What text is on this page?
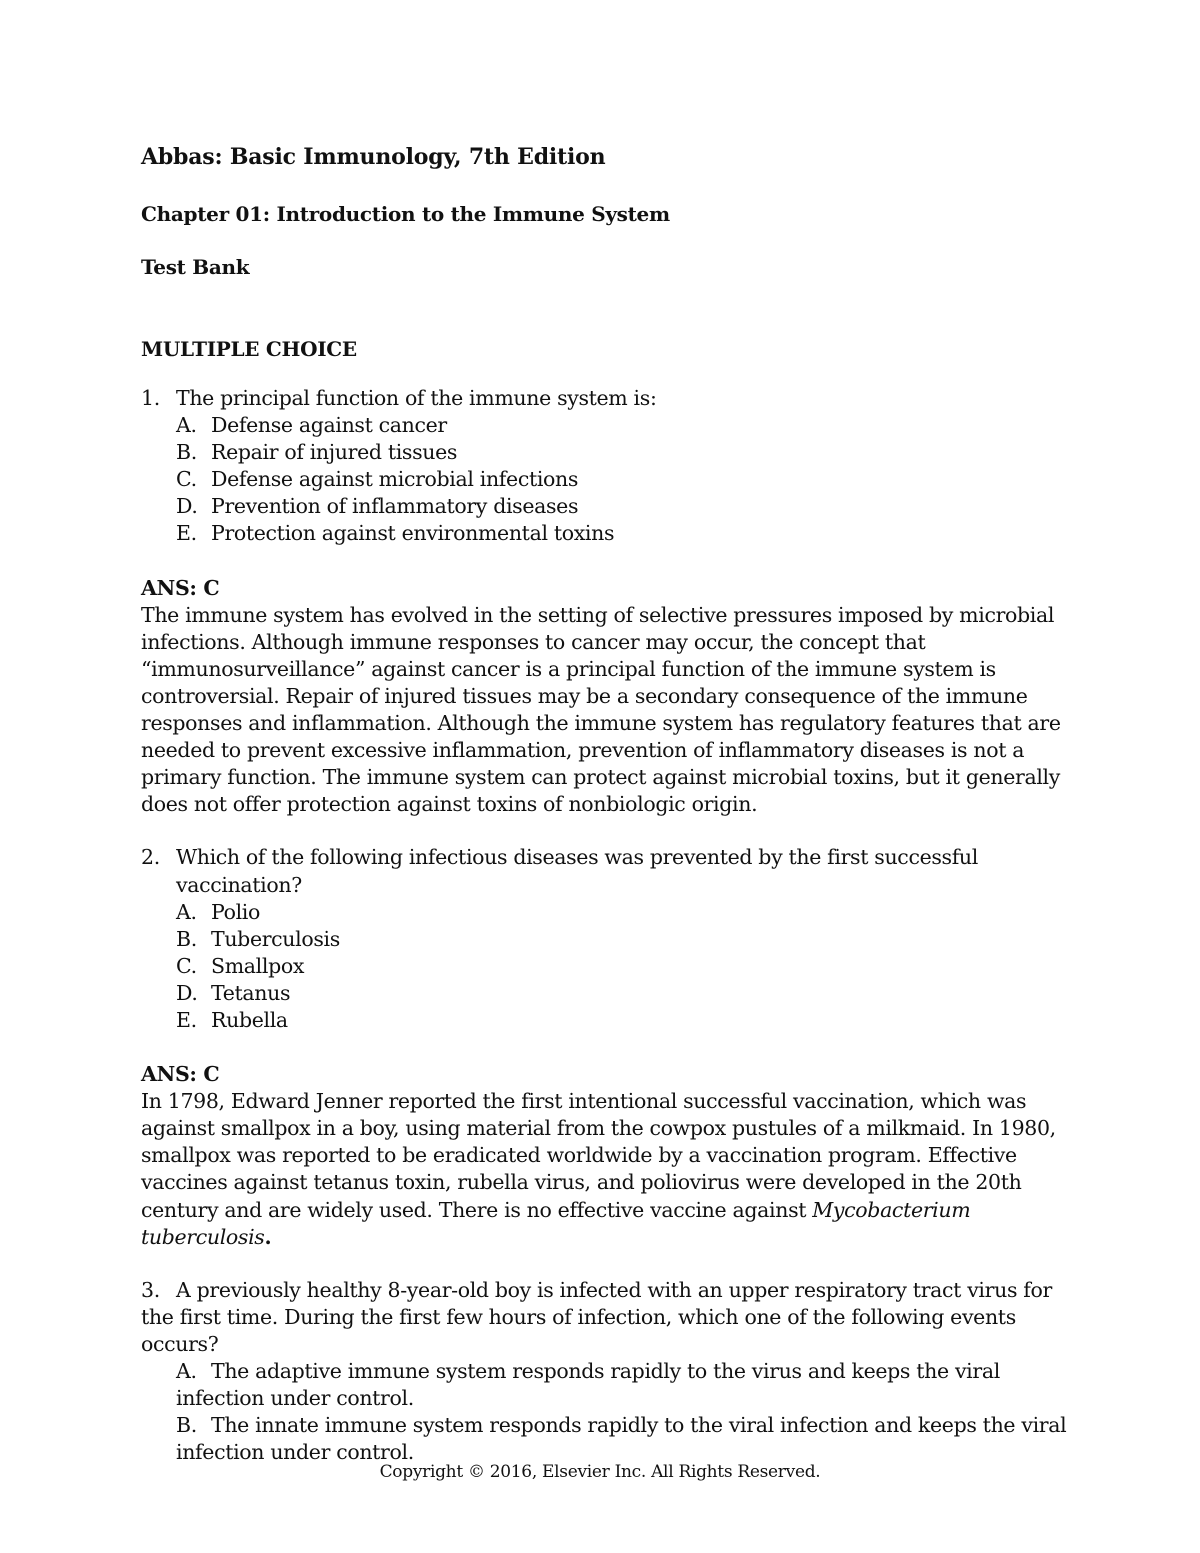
Abbas: Basic Immunology, 7th Edition
Chapter 01: Introduction to the Immune System
Test Bank
MULTIPLE CHOICE
1. The principal function of the immune system is:
A. Defense against cancer
B. Repair of injured tissues
C. Defense against microbial infections
D. Prevention of inflammatory diseases
E. Protection against environmental toxins
ANS: C

The immune system has evolved in the setting of selective pressures imposed by microbial infections. Although immune responses to cancer may occur, the concept that “immunosurveillance” against cancer is a principal function of the immune system is controversial. Repair of injured tissues may be a secondary consequence of the immune responses and inflammation. Although the immune system has regulatory features that are needed to prevent excessive inflammation, prevention of inflammatory diseases is not a primary function. The immune system can protect against microbial toxins, but it generally does not offer protection against toxins of nonbiologic origin.

2. Which of the following infectious diseases was prevented by the first successful vaccination?
A. Polio
B. Tuberculosis
C. Smallpox
D. Tetanus
E. Rubella
ANS: C

In 1798, Edward Jenner reported the first intentional successful vaccination, which was against smallpox in a boy, using material from the cowpox pustules of a milkmaid. In 1980, smallpox was reported to be eradicated worldwide by a vaccination program. Effective vaccines against tetanus toxin, rubella virus, and poliovirus were developed in the 20th century and are widely used. There is no effective vaccine against Mycobacterium tuberculosis.

3. A previously healthy 8-year-old boy is infected with an upper respiratory tract virus for the first time. During the first few hours of infection, which one of the following events occurs?
A. The adaptive immune system responds rapidly to the virus and keeps the viral infection under control.
B. The innate immune system responds rapidly to the viral infection and keeps the viral infection under control.
Copyright © 2016, Elsevier Inc. All Rights Reserved.
